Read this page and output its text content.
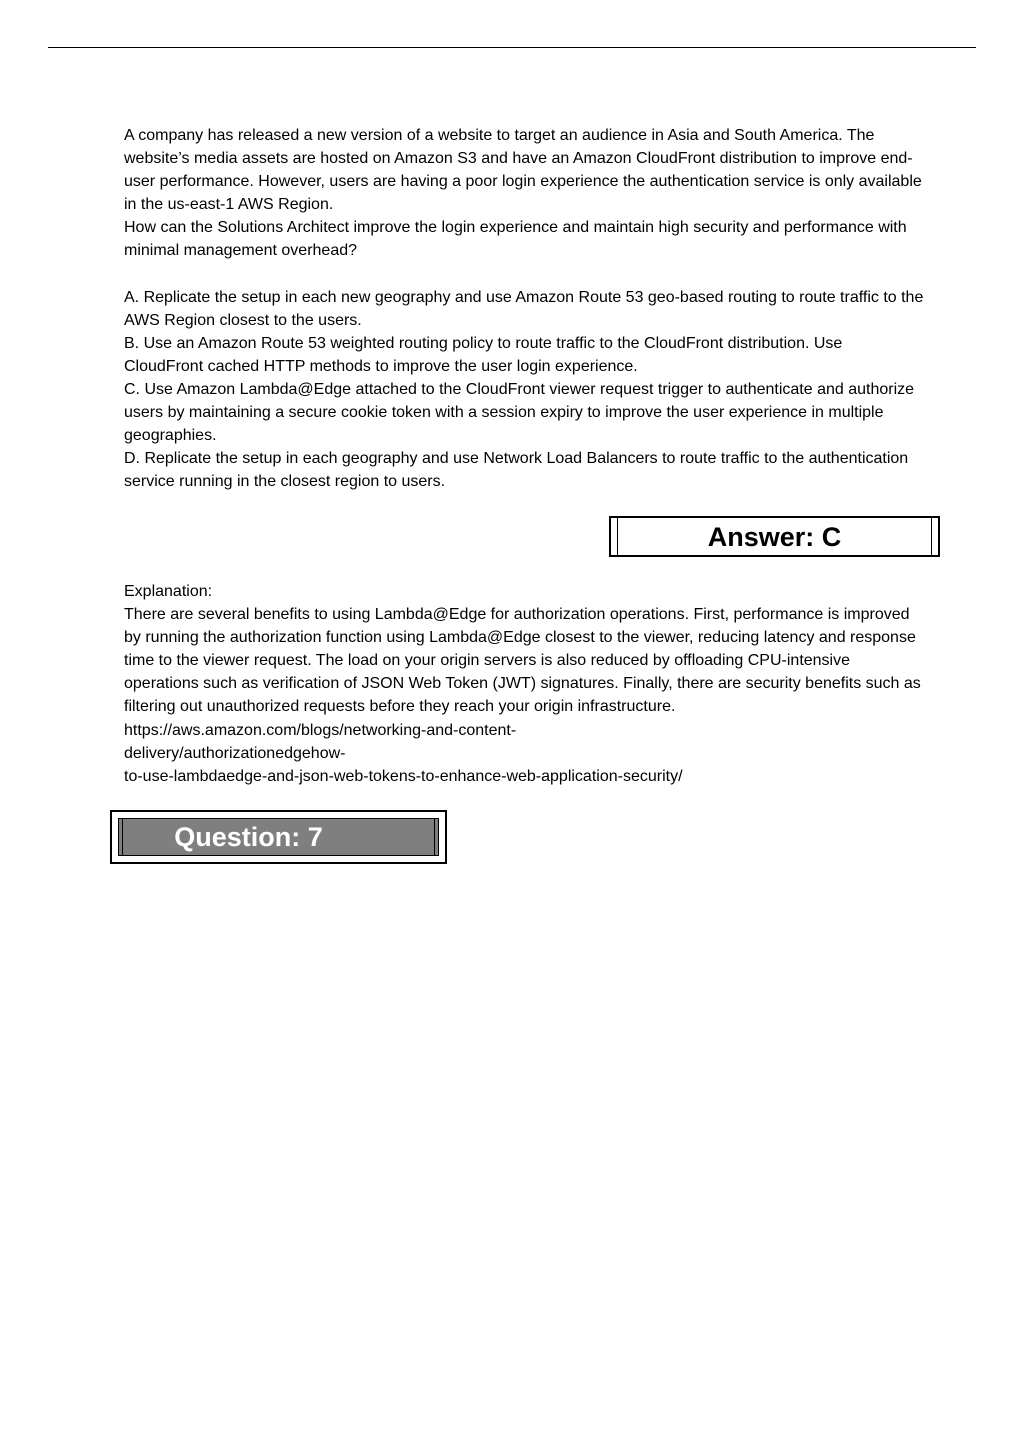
A company has released a new version of a website to target an audience in Asia and South America. The website’s media assets are hosted on Amazon S3 and have an Amazon CloudFront distribution to improve end-user performance. However, users are having a poor login experience the authentication service is only available in the us-east-1 AWS Region.

How can the Solutions Architect improve the login experience and maintain high security and performance with minimal management overhead?

A. Replicate the setup in each new geography and use Amazon Route 53 geo-based routing to route traffic to the AWS Region closest to the users.

B. Use an Amazon Route 53 weighted routing policy to route traffic to the CloudFront distribution. Use CloudFront cached HTTP methods to improve the user login experience.

C. Use Amazon Lambda@Edge attached to the CloudFront viewer request trigger to authenticate and authorize users by maintaining a secure cookie token with a session expiry to improve the user experience in multiple geographies.

D. Replicate the setup in each geography and use Network Load Balancers to route traffic to the authentication service running in the closest region to users.

Answer: C

Explanation:

There are several benefits to using Lambda@Edge for authorization operations. First, performance is improved by running the authorization function using Lambda@Edge closest to the viewer, reducing latency and response time to the viewer request. The load on your origin servers is also reduced by offloading CPU-intensive operations such as verification of JSON Web Token (JWT) signatures. Finally, there are security benefits such as filtering out unauthorized requests before they reach your origin infrastructure. https://aws.amazon.com/blogs/networking-and-content-

delivery/authorizationedgehow-

to-use-lambdaedge-and-json-web-tokens-to-enhance-web-application-security/

Question: 7
